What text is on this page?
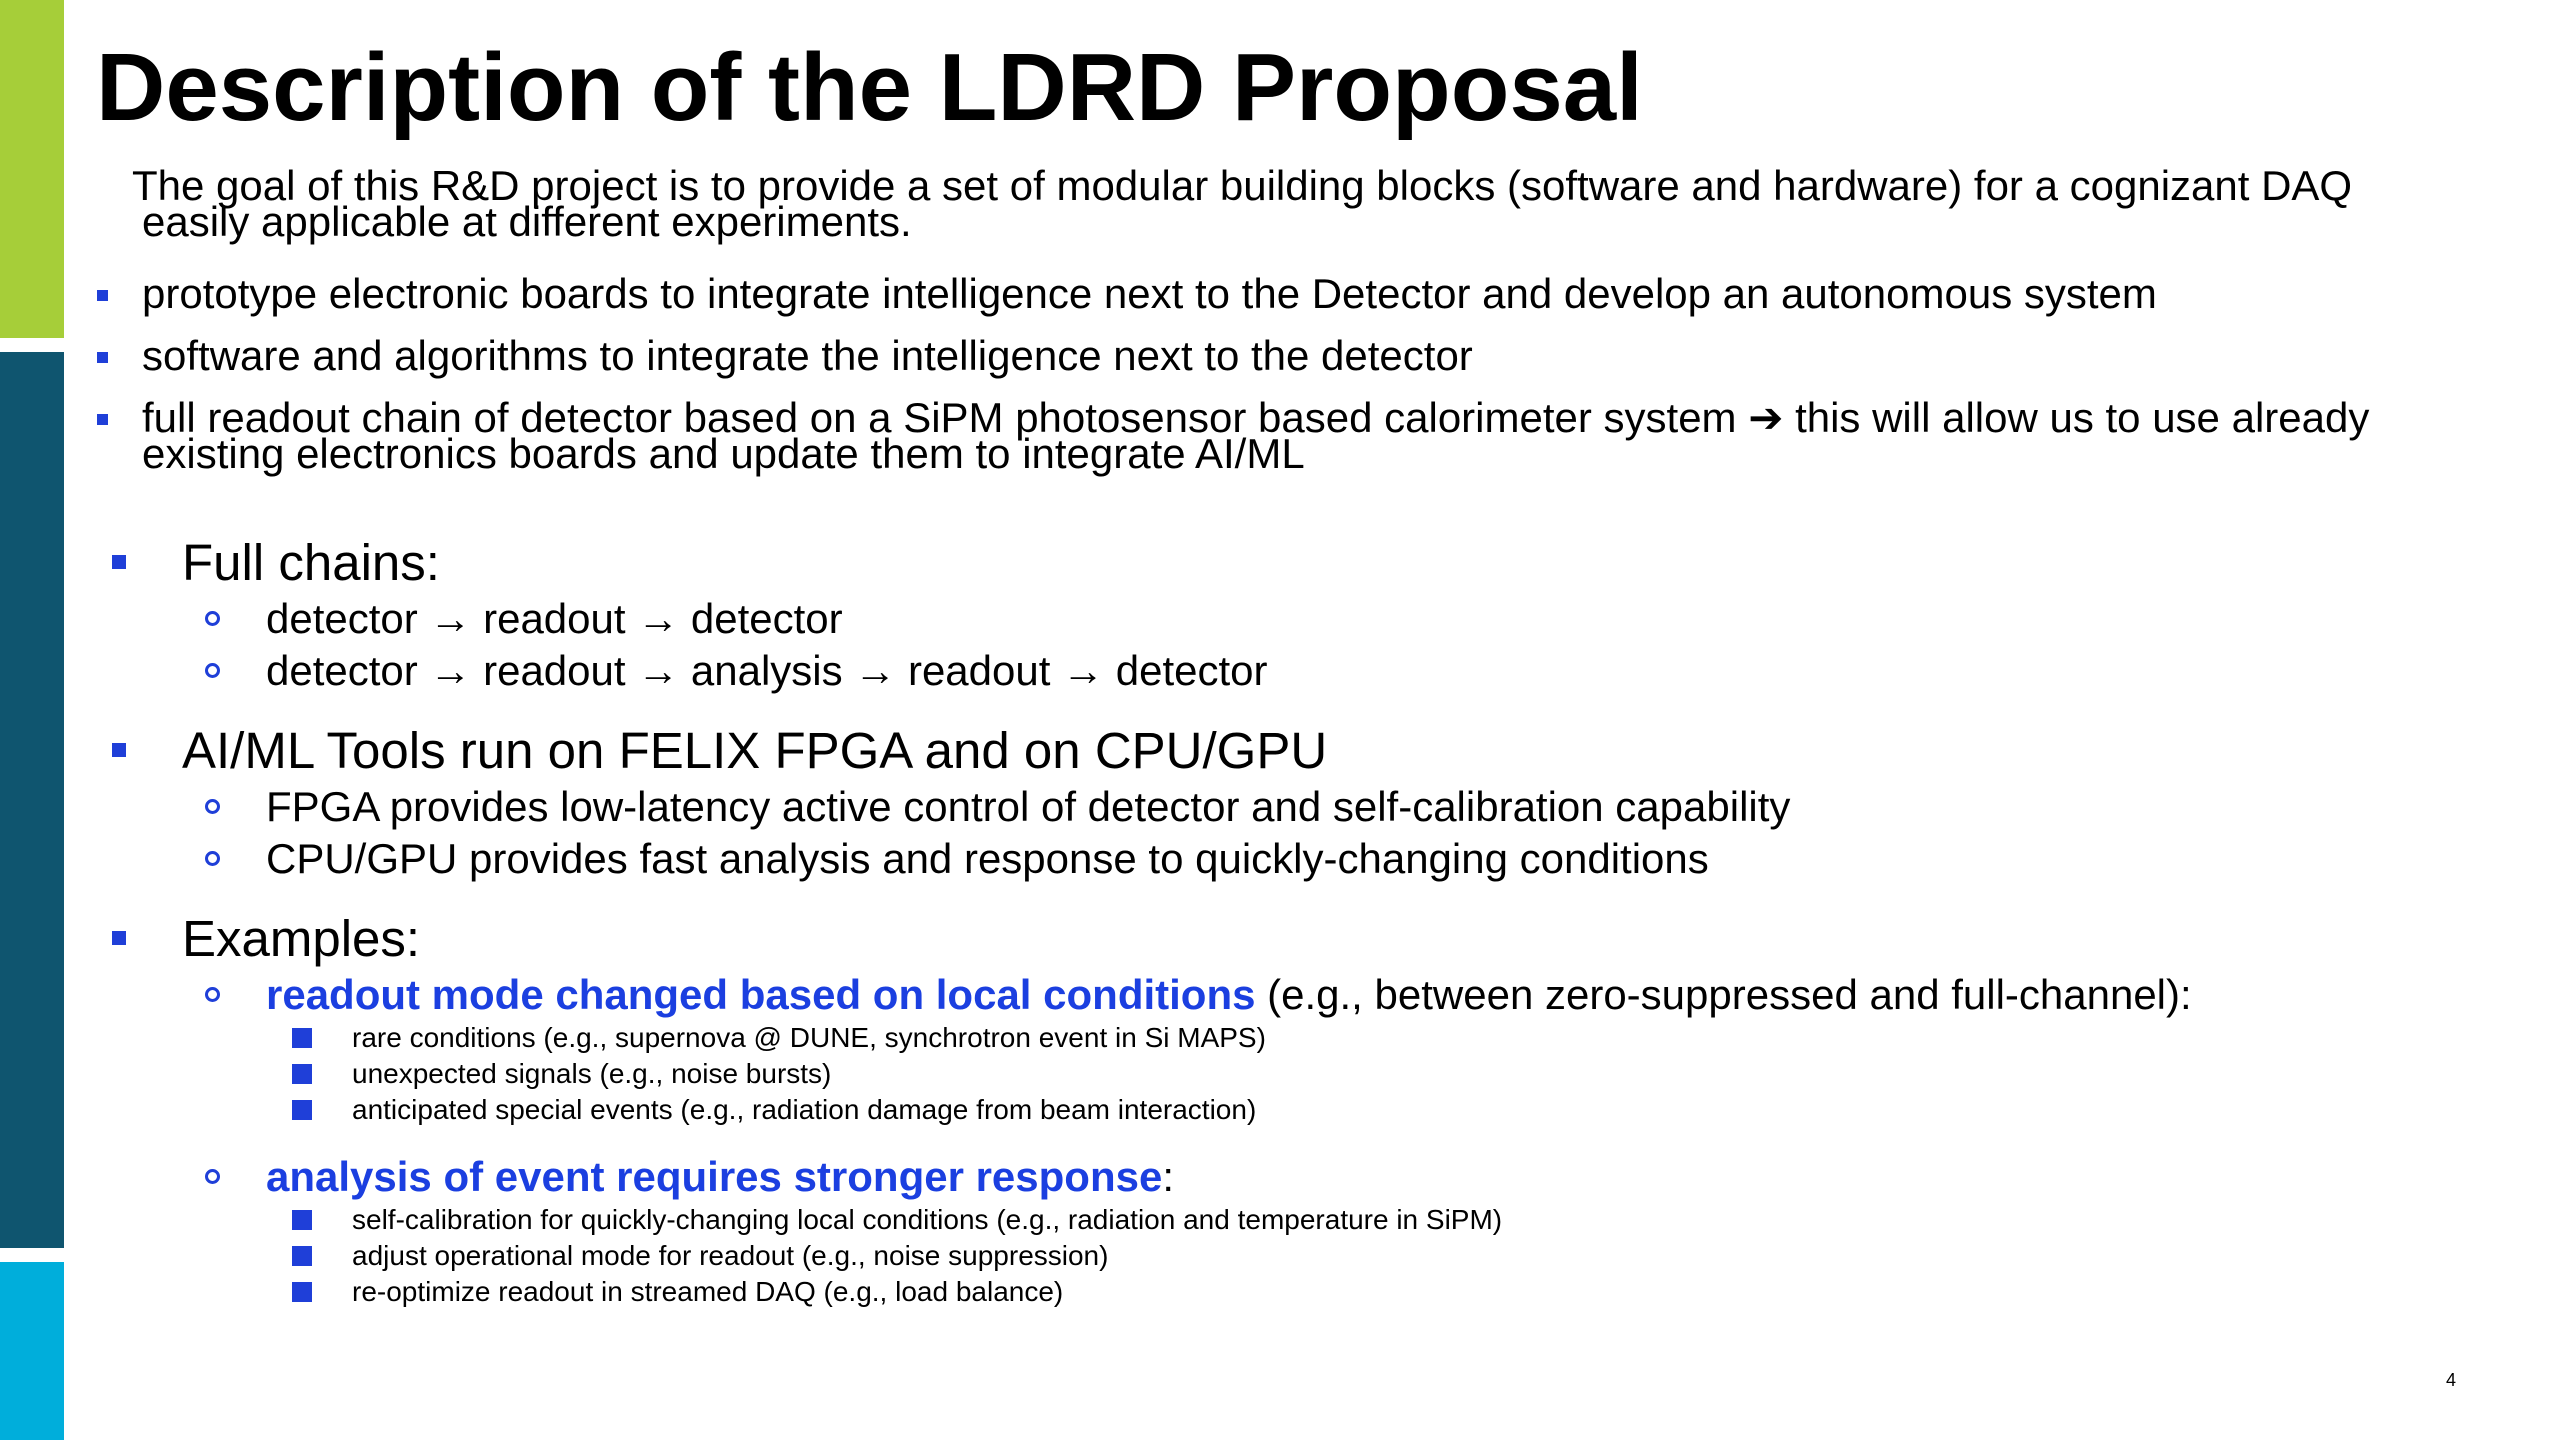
Description of the LDRD Proposal
The goal of this R&D project is to provide a set of modular building blocks (software and hardware) for a cognizant DAQ
easily applicable at different experiments.
prototype electronic boards to integrate intelligence next to the Detector and develop an autonomous system
software and algorithms to integrate the intelligence next to the detector
full readout chain of detector based on a SiPM photosensor based calorimeter system ➔ this will allow us to use already
existing electronics boards and update them to integrate AI/ML
Full chains:
detector → readout → detector
detector → readout → analysis → readout → detector
AI/ML Tools run on FELIX FPGA and on CPU/GPU
FPGA provides low-latency active control of detector and self-calibration capability
CPU/GPU provides fast analysis and response to quickly-changing conditions
Examples:
readout mode changed based on local conditions (e.g., between zero-suppressed and full-channel):
rare conditions (e.g., supernova @ DUNE, synchrotron event in Si MAPS)
unexpected signals (e.g., noise bursts)
anticipated special events (e.g., radiation damage from beam interaction)
analysis of event requires stronger response:
self-calibration for quickly-changing local conditions (e.g., radiation and temperature in SiPM)
adjust operational mode for readout (e.g., noise suppression)
re-optimize readout in streamed DAQ (e.g., load balance)
4
